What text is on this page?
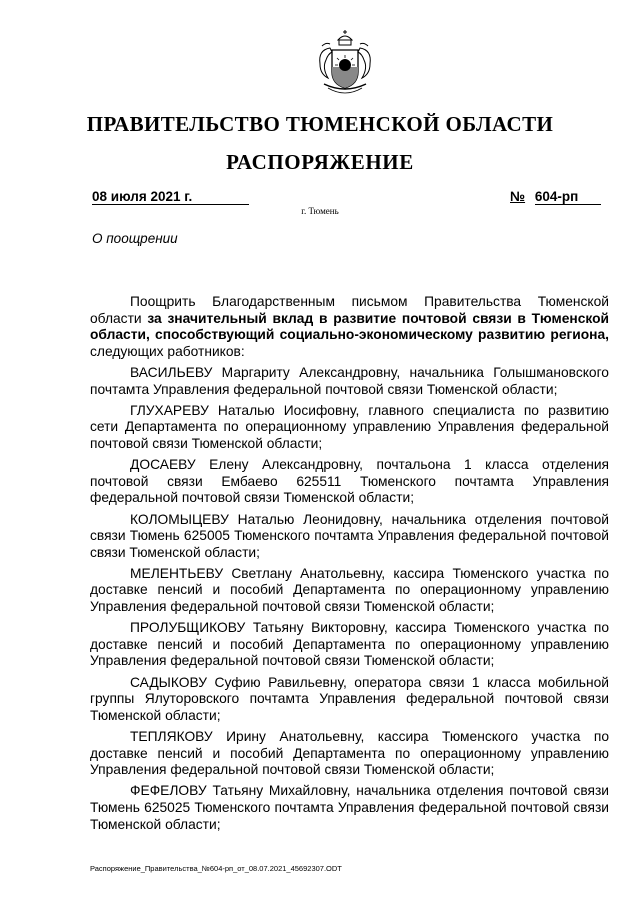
ПРАВИТЕЛЬСТВО ТЮМЕНСКОЙ ОБЛАСТИ
РАСПОРЯЖЕНИЕ
08 июля 2021 г.	№ 604-рп
г. Тюмень
О поощрении

Поощрить Благодарственным письмом Правительства Тюменской области за значительный вклад в развитие почтовой связи в Тюменской области, способствующий социально-экономическому развитию региона, следующих работников:

ВАСИЛЬЕВУ Маргариту Александровну, начальника Голышмановского почтамта Управления федеральной почтовой связи Тюменской области;

ГЛУХАРЕВУ Наталью Иосифовну, главного специалиста по развитию сети Департамента по операционному управлению Управления федеральной почтовой связи Тюменской области;

ДОСАЕВУ Елену Александровну, почтальона 1 класса отделения почтовой связи Ембаево 625511 Тюменского почтамта Управления федеральной почтовой связи Тюменской области;

КОЛОМЫЦЕВУ Наталью Леонидовну, начальника отделения почтовой связи Тюмень 625005 Тюменского почтамта Управления федеральной почтовой связи Тюменской области;

МЕЛЕНТЬЕВУ Светлану Анатольевну, кассира Тюменского участка по доставке пенсий и пособий Департамента по операционному управлению Управления федеральной почтовой связи Тюменской области;

ПРОЛУБЩИКОВУ Татьяну Викторовну, кассира Тюменского участка по доставке пенсий и пособий Департамента по операционному управлению Управления федеральной почтовой связи Тюменской области;

САДЫКОВУ Суфию Равильевну, оператора связи 1 класса мобильной группы Ялуторовского почтамта Управления федеральной почтовой связи Тюменской области;

ТЕПЛЯКОВУ Ирину Анатольевну, кассира Тюменского участка по доставке пенсий и пособий Департамента по операционному управлению Управления федеральной почтовой связи Тюменской области;

ФЕФЕЛОВУ Татьяну Михайловну, начальника отделения почтовой связи Тюмень 625025 Тюменского почтамта Управления федеральной почтовой связи Тюменской области;

Распоряжение_Правительства_№604-рп_от_08.07.2021_45692307.ODT
